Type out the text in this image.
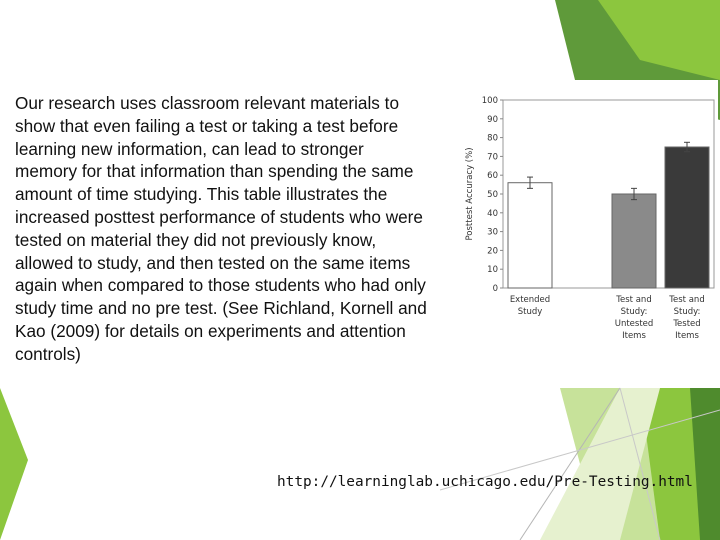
Our research uses classroom relevant materials to show that even failing a test or taking a test before learning new information, can lead to stronger memory for that information than spending the same amount of time studying. This table illustrates the increased posttest performance of students who were tested on material they did not previously know, allowed to study, and then tested on the same items again when compared to those students who had only study time and no pre test. (See Richland, Kornell and Kao (2009) for details on experiments and attention controls)
0
10
20
30
40
50
60
70
80
90
100
Posttest Accuracy (%)
Extended
Study
Test and
Study:
Untested
Items
Test and
Study:
Tested
Items
http://learninglab.uchicago.edu/Pre-Testing.html
